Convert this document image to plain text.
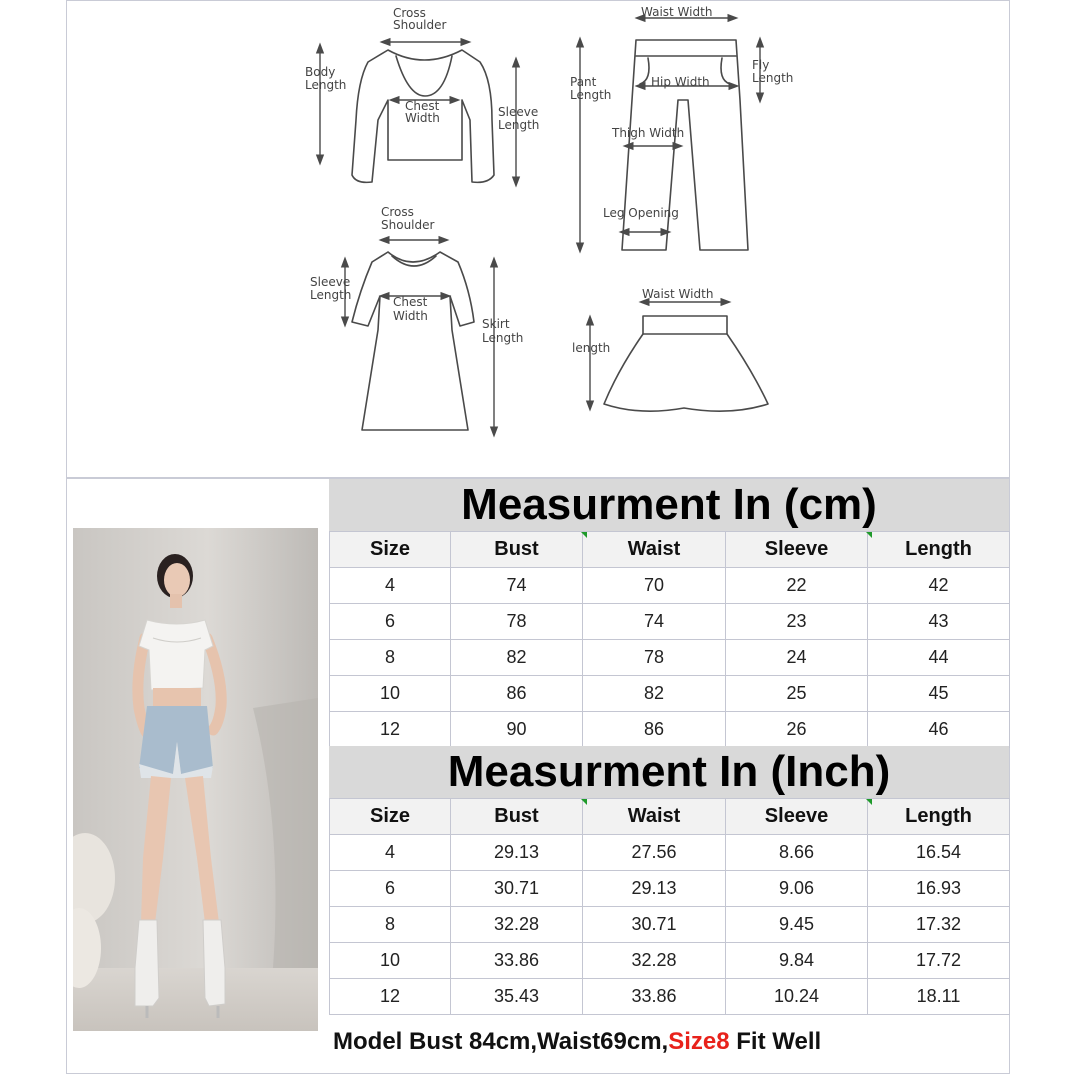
Cross Shoulder
Body Length
Chest Width	Sleeve Length
Waist Width
Pant Length
Hip Width
Fly Length
Thigh Width
Leg Opening
Cross Shoulder
Sleeve Length	Chest Width
Skirt Length
Waist Width
length
Measurment In (cm)
Size	Bust	Waist	Sleeve	Length
4	74	70	22	42
6	78	74	23	43
8	82	78	24	44
10	86	82	25	45
12	90	86	26	46
Measurment In (Inch)
Size	Bust	Waist	Sleeve	Length
4	29.13	27.56	8.66	16.54
6	30.71	29.13	9.06	16.93
8	32.28	30.71	9.45	17.32
10	33.86	32.28	9.84	17.72
12	35.43	33.86	10.24	18.11
Model Bust 84cm,Waist69cm,Size8 Fit Well
